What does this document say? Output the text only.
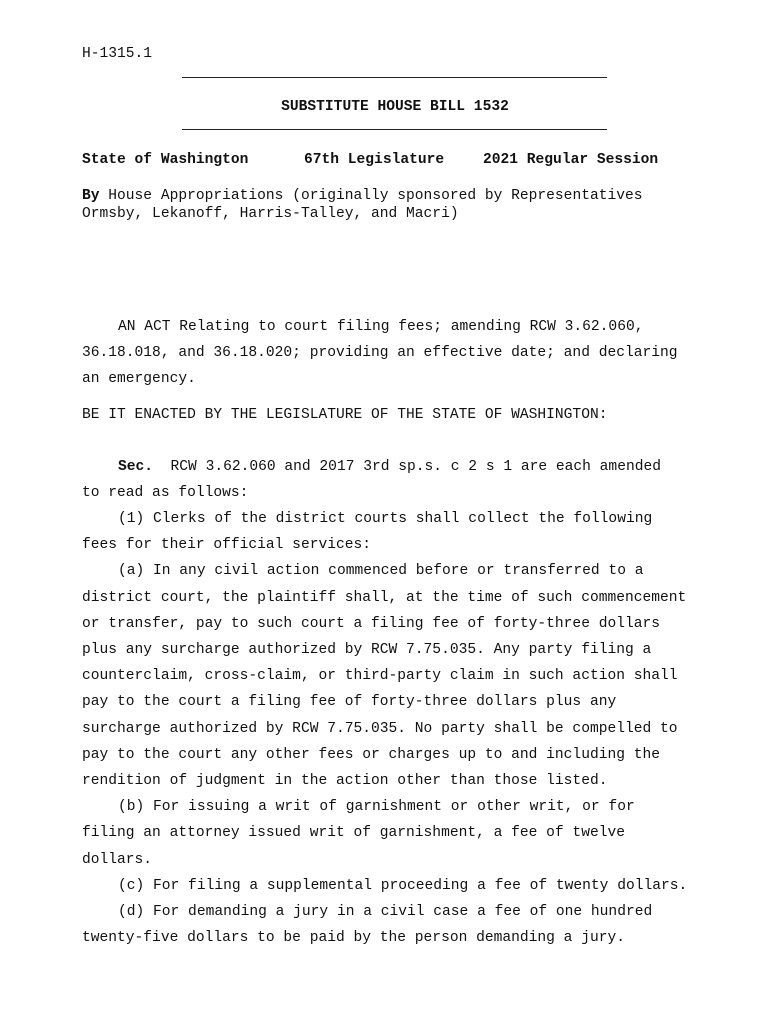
H-1315.1
SUBSTITUTE HOUSE BILL 1532
State of Washington	67th Legislature	2021 Regular Session
By House Appropriations (originally sponsored by Representatives
Ormsby, Lekanoff, Harris-Talley, and Macri)
AN ACT Relating to court filing fees; amending RCW 3.62.060,
36.18.018, and 36.18.020; providing an effective date; and declaring
an emergency.
BE IT ENACTED BY THE LEGISLATURE OF THE STATE OF WASHINGTON:
Sec. RCW 3.62.060 and 2017 3rd sp.s. c 2 s 1 are each amended
to read as follows:
(1) Clerks of the district courts shall collect the following
fees for their official services:
(a) In any civil action commenced before or transferred to a
district court, the plaintiff shall, at the time of such commencement
or transfer, pay to such court a filing fee of forty-three dollars
plus any surcharge authorized by RCW 7.75.035. Any party filing a
counterclaim, cross-claim, or third-party claim in such action shall
pay to the court a filing fee of forty-three dollars plus any
surcharge authorized by RCW 7.75.035. No party shall be compelled to
pay to the court any other fees or charges up to and including the
rendition of judgment in the action other than those listed.
(b) For issuing a writ of garnishment or other writ, or for
filing an attorney issued writ of garnishment, a fee of twelve
dollars.
(c) For filing a supplemental proceeding a fee of twenty dollars.
(d) For demanding a jury in a civil case a fee of one hundred
twenty-five dollars to be paid by the person demanding a jury.
